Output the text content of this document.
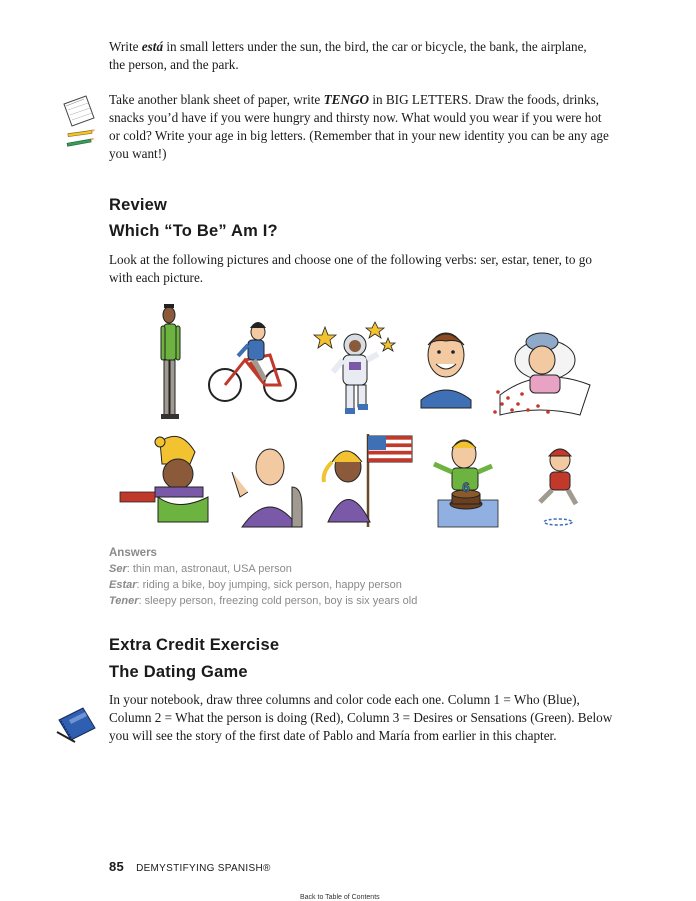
Write está in small letters under the sun, the bird, the car or bicycle, the bank, the airplane, the person, and the park.
Take another blank sheet of paper, write TENGO in BIG LETTERS. Draw the foods, drinks, snacks you’d have if you were hungry and thirsty now. What would you wear if you were hot or cold? Write your age in big letters. (Remember that in your new identity you can be any age you want!)
Review
Which “To Be” Am I?
Look at the following pictures and choose one of the following verbs: ser, estar, tener, to go with each picture.
6
Answers
Ser: thin man, astronaut, USA person
Estar: riding a bike, boy jumping, sick person, happy person
Tener: sleepy person, freezing cold person, boy is six years old
Extra Credit Exercise
The Dating Game
In your notebook, draw three columns and color code each one. Column 1 = Who (Blue), Column 2 = What the person is doing (Red), Column 3 = Desires or Sensations (Green). Below you will see the story of the first date of Pablo and María from earlier in this chapter.
85 DEMYSTIFYING SPANISH®
Back to Table of Contents
